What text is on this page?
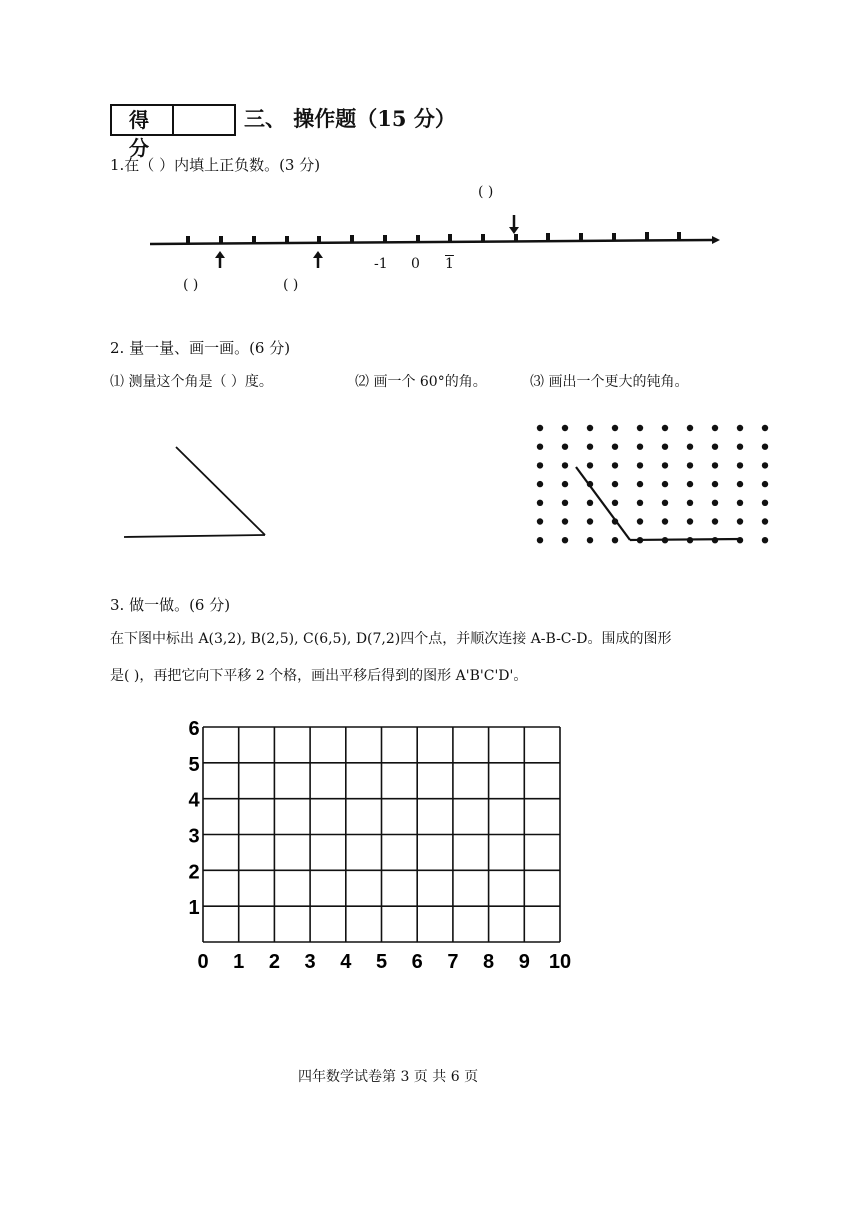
得 分
三、 操作题（15 分）
1.在（ ）内填上正负数。(3 分)
( )
( )	( )
-1 0 1
0 1 2 3 4 5 6 7 8 9 10
1
2
3
4
5
6
2. 量一量、画一画。(6 分)
⑴ 测量这个角是（ ）度。	⑵ 画一个 60°的角。	⑶ 画出一个更大的钝角。
3. 做一做。(6 分)
在下图中标出 A(3,2), B(2,5), C(6,5), D(7,2)四个点，并顺次连接 A-B-C-D。围成的图形
是( )，再把它向下平移 2 个格，画出平移后得到的图形 A'B'C'D'。
四年数学试卷第 3 页 共 6 页
